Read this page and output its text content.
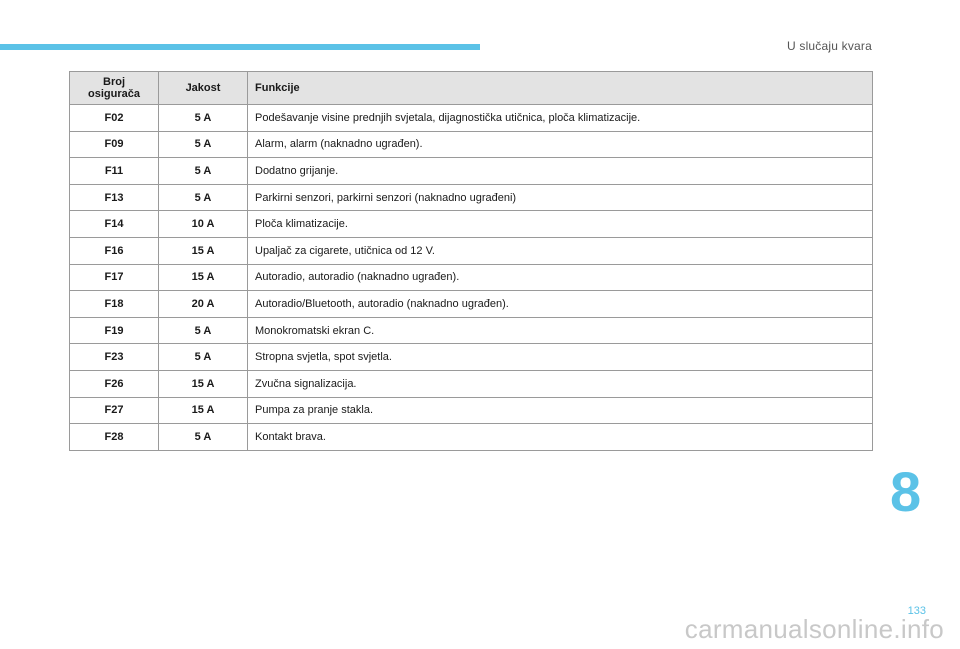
U slučaju kvara
Broj osigurača	Jakost	Funkcije
F02	5 A	Podešavanje visine prednjih svjetala, dijagnostička utičnica, ploča klimatizacije.
F09	5 A	Alarm, alarm (naknadno ugrađen).
F11	5 A	Dodatno grijanje.
F13	5 A	Parkirni senzori, parkirni senzori (naknadno ugrađeni)
F14	10 A	Ploča klimatizacije.
F16	15 A	Upaljač za cigarete, utičnica od 12 V.
F17	15 A	Autoradio, autoradio (naknadno ugrađen).
F18	20 A	Autoradio/Bluetooth, autoradio (naknadno ugrađen).
F19	5 A	Monokromatski ekran C.
F23	5 A	Stropna svjetla, spot svjetla.
F26	15 A	Zvučna signalizacija.
F27	15 A	Pumpa za pranje stakla.
F28	5 A	Kontakt brava.
8
133
carmanualsonline.info
